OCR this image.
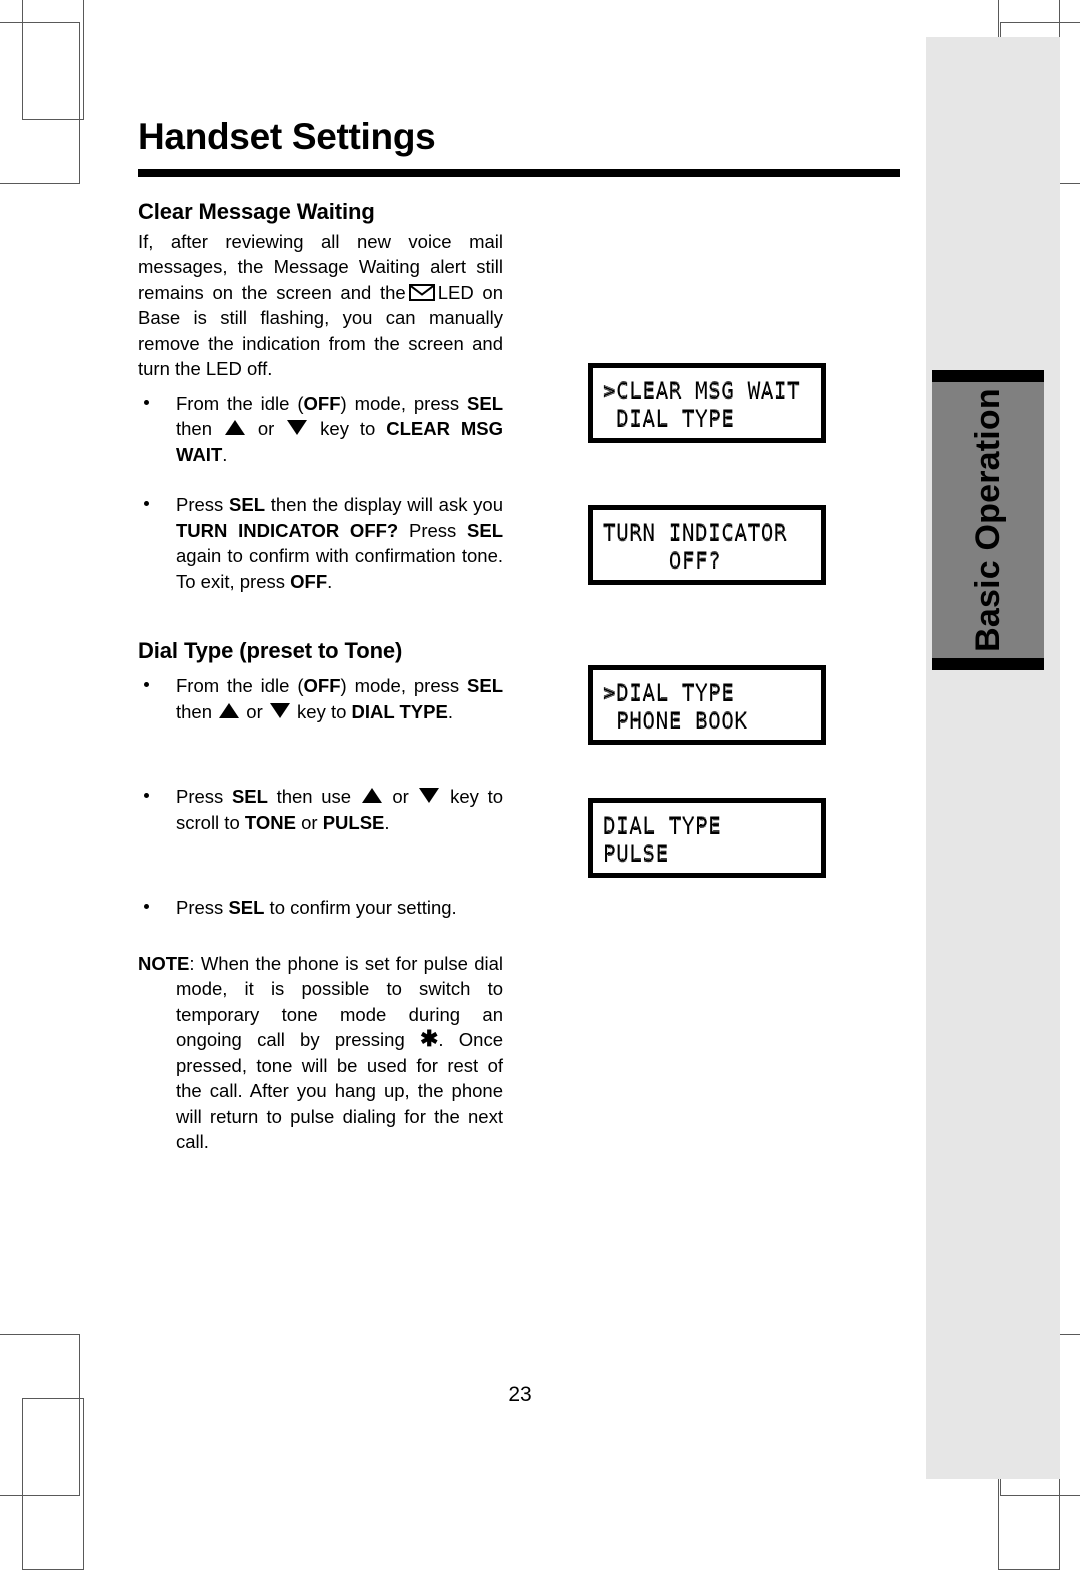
Basic Operation
Handset Settings
Clear Message Waiting

If, after reviewing all new voice mail messages, the Message Waiting alert still remains on the screen and the LED on Base is still flashing, you can manually remove the indication from the screen and turn the LED off.

From the idle (OFF) mode, press SEL then  or  key to CLEAR MSG WAIT.
Press SEL then the display will ask you TURN INDICATOR OFF? Press SEL again to confirm with confirmation tone. To exit, press OFF.
Dial Type (preset to Tone)
From the idle (OFF) mode, press SEL then  or  key to DIAL TYPE.
Press SEL then use  or  key to scroll to TONE or PULSE.
Press SEL to confirm your setting.

NOTE: When the phone is set for pulse dial mode, it is possible to switch to temporary tone mode during an ongoing call by pressing ✱. Once pressed, tone will be used for rest of the call. After you hang up, the phone will return to pulse dialing for the next call.

>CLEAR MSG WAIT
DIAL TYPE
TURN INDICATOR
OFF?
>DIAL TYPE
PHONE BOOK
DIAL TYPE
PULSE
23
